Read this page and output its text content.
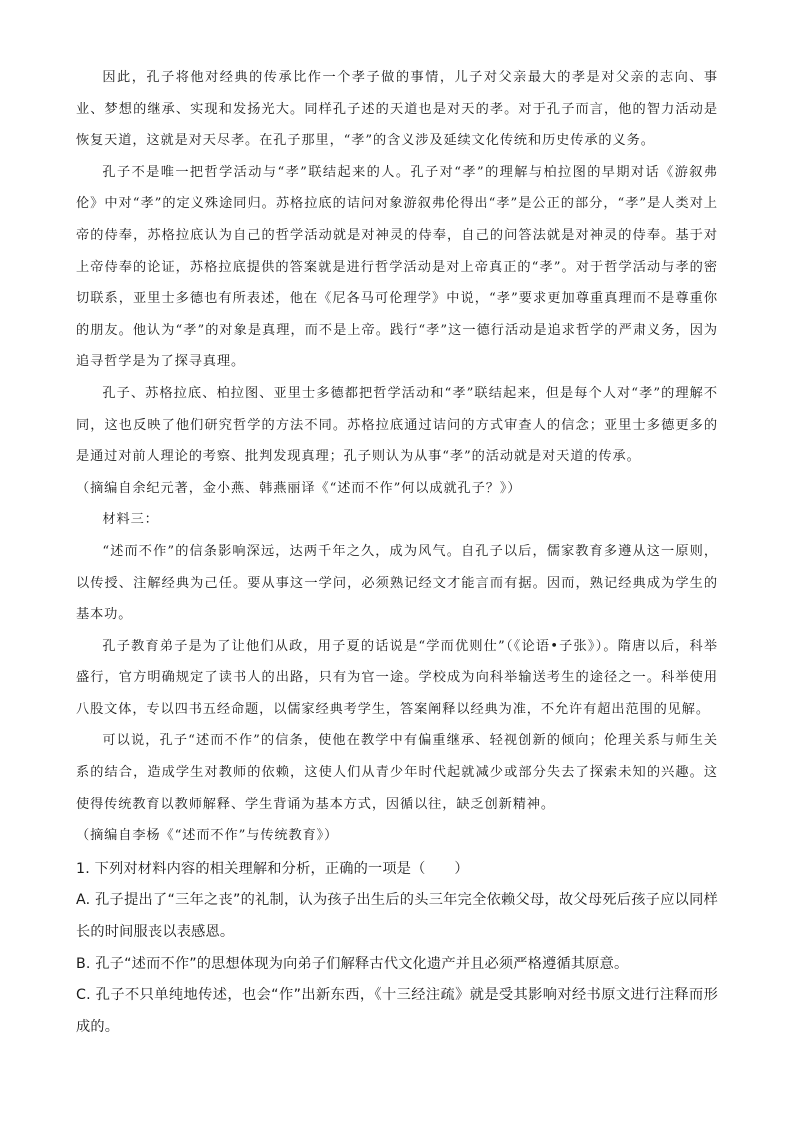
因此，孔子将他对经典的传承比作一个孝子做的事情，儿子对父亲最大的孝是对父亲的志向、事业、梦想的继承、实现和发扬光大。同样孔子述的天道也是对天的孝。对于孔子而言，他的智力活动是恢复天道，这就是对天尽孝。在孔子那里，“孝”的含义涉及延续文化传统和历史传承的义务。

孔子不是唯一把哲学活动与“孝”联结起来的人。孔子对“孝”的理解与柏拉图的早期对话《游叙弗伦》中对“孝”的定义殊途同归。苏格拉底的诘问对象游叙弗伦得出“孝”是公正的部分，“孝”是人类对上帝的侍奉，苏格拉底认为自己的哲学活动就是对神灵的侍奉，自己的问答法就是对神灵的侍奉。基于对上帝侍奉的论证，苏格拉底提供的答案就是进行哲学活动是对上帝真正的“孝”。对于哲学活动与孝的密切联系，亚里士多德也有所表述，他在《尼各马可伦理学》中说，“孝”要求更加尊重真理而不是尊重你的朋友。他认为“孝”的对象是真理，而不是上帝。践行“孝”这一德行活动是追求哲学的严肃义务，因为追寻哲学是为了探寻真理。

孔子、苏格拉底、柏拉图、亚里士多德都把哲学活动和“孝”联结起来，但是每个人对“孝”的理解不同，这也反映了他们研究哲学的方法不同。苏格拉底通过诘问的方式审查人的信念；亚里士多德更多的是通过对前人理论的考察、批判发现真理；孔子则认为从事“孝”的活动就是对天道的传承。

（摘编自余纪元著，金小燕、韩燕丽译《“述而不作”何以成就孔子？》）

材料三：

“述而不作”的信条影响深远，达两千年之久，成为风气。自孔子以后，儒家教育多遵从这一原则，以传授、注解经典为己任。要从事这一学问，必须熟记经文才能言而有据。因而，熟记经典成为学生的基本功。

孔子教育弟子是为了让他们从政，用子夏的话说是“学而优则仕”（《论语•子张》）。隋唐以后，科举盛行，官方明确规定了读书人的出路，只有为官一途。学校成为向科举输送考生的途径之一。科举使用八股文体，专以四书五经命题，以儒家经典考学生，答案阐释以经典为准，不允许有超出范围的见解。

可以说，孔子“述而不作”的信条，使他在教学中有偏重继承、轻视创新的倾向；伦理关系与师生关系的结合，造成学生对教师的依赖，这使人们从青少年时代起就减少或部分失去了探索未知的兴趣。这使得传统教育以教师解释、学生背诵为基本方式，因循以往，缺乏创新精神。

（摘编自李杨《“述而不作”与传统教育》）

1. 下列对材料内容的相关理解和分析，正确的一项是（　　）

A. 孔子提出了“三年之丧”的礼制，认为孩子出生后的头三年完全依赖父母，故父母死后孩子应以同样长的时间服丧以表感恩。

B. 孔子“述而不作”的思想体现为向弟子们解释古代文化遗产并且必须严格遵循其原意。

C. 孔子不只单纯地传述，也会“作”出新东西，《十三经注疏》就是受其影响对经书原文进行注释而形成的。
